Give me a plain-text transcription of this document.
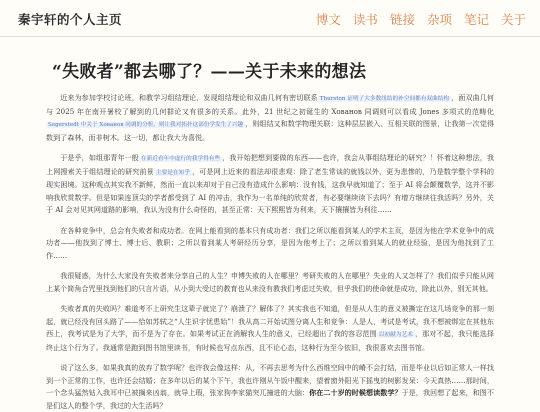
秦宇轩的个人主页	博文 读书 链接 杂项 笔记 关于
“失败者”都去哪了？——关于未来的想法

近来为参加学校讨论班，和教学习组结理论，发现组结理论和双曲几何有密切联系 Thurston 证明了大多数纽结的补空间都有双曲结构 ，面双曲几何与 2025 年在南开暑校了解到的几何群论又有很多的关系。此外，21 世纪之初诞生的 Хованов 同调则可以看成 Jones 多项式的范畴化Segerstedt 中关于 Xовaнoв 同调的分析，则让我对拓扑这部份学发生了兴趣 ，则组结又和数学物理关联：这种层层嵌入、互相关联的图景，让我第一次觉得数到了森林，而非树木。这一切，都让我大为喜悦。

于是乎，如组那青年一般 在新近看年中虚行的我学得有些 ，我开始把想到要做的东西——也许，我会从事组结理论的研究？！怀着这种想法，我上网搜索关于组结理论的研究前景 主要是在知乎 ，可是网上近来的看法却很悲观：除了老生常谈的就钱以外，更为悲惨的，乃是数学整个学科的现实困境。这种观点其实我不新鲜，然而一直以来却对于自己没有造成什么影响：没有钱，这我早就知道了；至于 AI 将会颠覆数学，这并不影响我欣赏数学。但是如果连顶尖的学者都受到了 AI 的冲击，我作为一名单纯的欣赏者，有必要继续读下去吗？有增方继续往我活吗？另外，关于 AI 会对见其网道路的影响，我认为没有什么奇怪的，甚至正常：天下熙熙皆为利来，天下攘攘皆为利往……

在各种竞争中，总会有失败者和成功者。在网上能看到的基本只有成功者：我们之所以能看到某人的学术主页，是因为他在学术竞争中的成功者——他找到了博士、博士后、教职；之所以看到某人考研经历分享，是因为他考上了；之所以看到某人的就业经验，是因为他找到了工作……

我很疑惑，为什么大家没有失败者来分享自己的人生？申博失败的人在哪里？考研失败的人在哪里？失业的人又怎样了？我们似乎只能从网上某个简角合咒里找到他们的只言片语，从小到大受过的教育也从来没有教我们考虑过失败，但乎我们的使命就是成功，除此以外，别无其他。

失败者真的失败吗？难道考不上研究生这辈子就完了？崩溃了？解体了？其实我也不知道，但是从人生的意义被撕定在这几场竞争的那一刻起，就已经没有回头路了——恰如苏轼之“人生识字忧患始”！我从高二开始试图分离人生和竞争：人是人，考试是考试，我不想被绑定在其他东西上，我考试是为了大学，而不是为了存在。如果考试正在消解我人生的意义，已经超出了我的容忍范围 以初献为艺术 ，那对不起，我只能选择终止这个行为了。我通常是跑到图书馆里读书，有时候也写点东西，且不论心态，这种行为至今依旧，我很喜欢去图书馆。

说了这么多，如果我真的放弃了数学呢？也许我会像这样：从，不再去思考为什么西维空间中的嵴不会打结，而是毕业以后如正常人一样找到一个正常的工作，也许还会结婚；在多年以后的某个下午，我也许刚从午饭中醒来，望着窗外阳光下摇曳的树影发呆：今天真热……那时间，一个念头猛然钻入我耳中已被搁来凶翁，就导上瑕，张家狗李家猫突兀撞进的大脑：你在二十岁的时候想读数学？于是，我回想了起来，和图不是们这人的整个学，我过的大生活吗？
